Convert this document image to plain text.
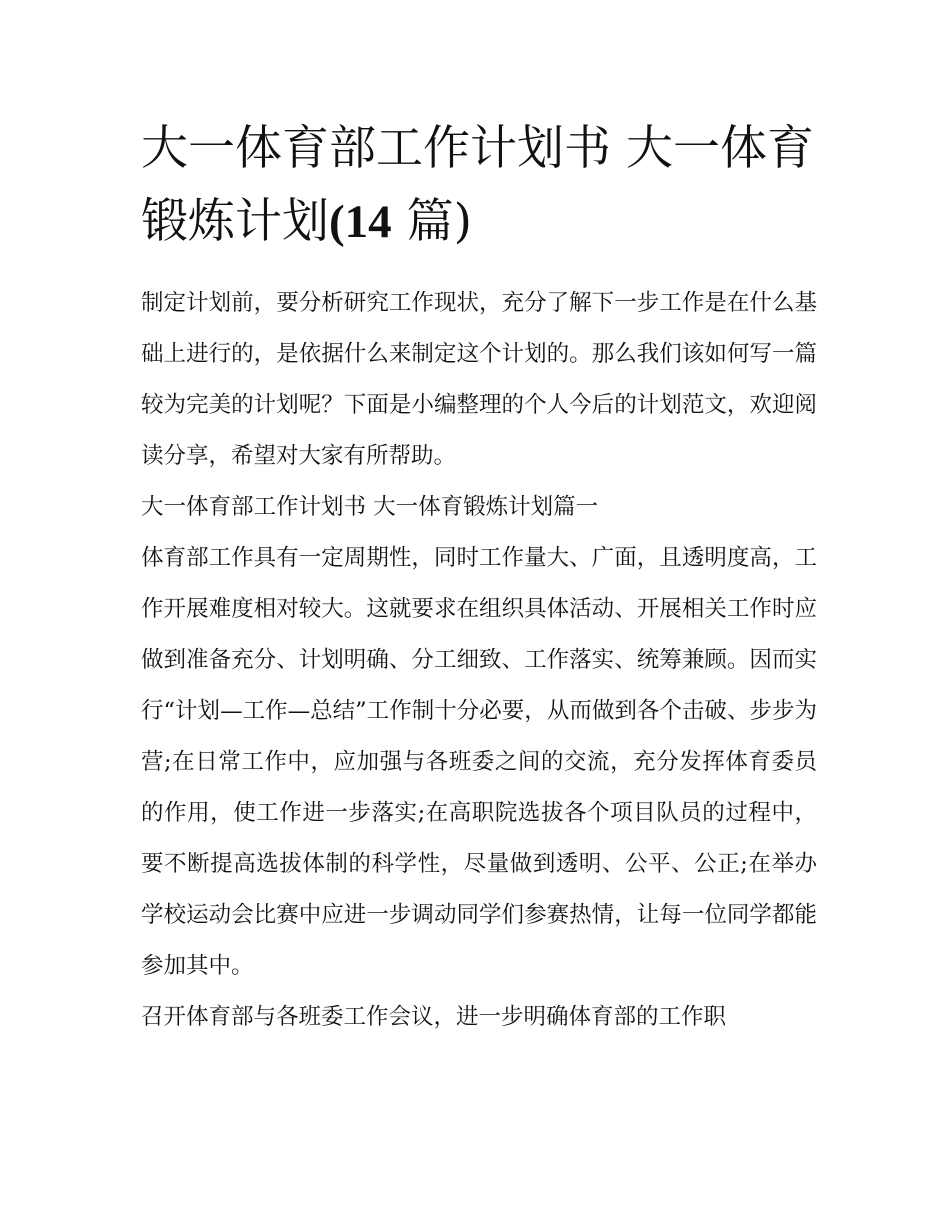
大一体育部工作计划书 大一体育锻炼计划(14 篇)

制定计划前，要分析研究工作现状，充分了解下一步工作是在什么基础上进行的，是依据什么来制定这个计划的。那么我们该如何写一篇较为完美的计划呢？下面是小编整理的个人今后的计划范文，欢迎阅读分享，希望对大家有所帮助。

大一体育部工作计划书 大一体育锻炼计划篇一

体育部工作具有一定周期性，同时工作量大、广面，且透明度高，工作开展难度相对较大。这就要求在组织具体活动、开展相关工作时应做到准备充分、计划明确、分工细致、工作落实、统筹兼顾。因而实行“计划—工作—总结”工作制十分必要，从而做到各个击破、步步为营;在日常工作中，应加强与各班委之间的交流，充分发挥体育委员的作用，使工作进一步落实;在高职院选拔各个项目队员的过程中，要不断提高选拔体制的科学性，尽量做到透明、公平、公正;在举办学校运动会比赛中应进一步调动同学们参赛热情，让每一位同学都能参加其中。

召开体育部与各班委工作会议，进一步明确体育部的工作职
